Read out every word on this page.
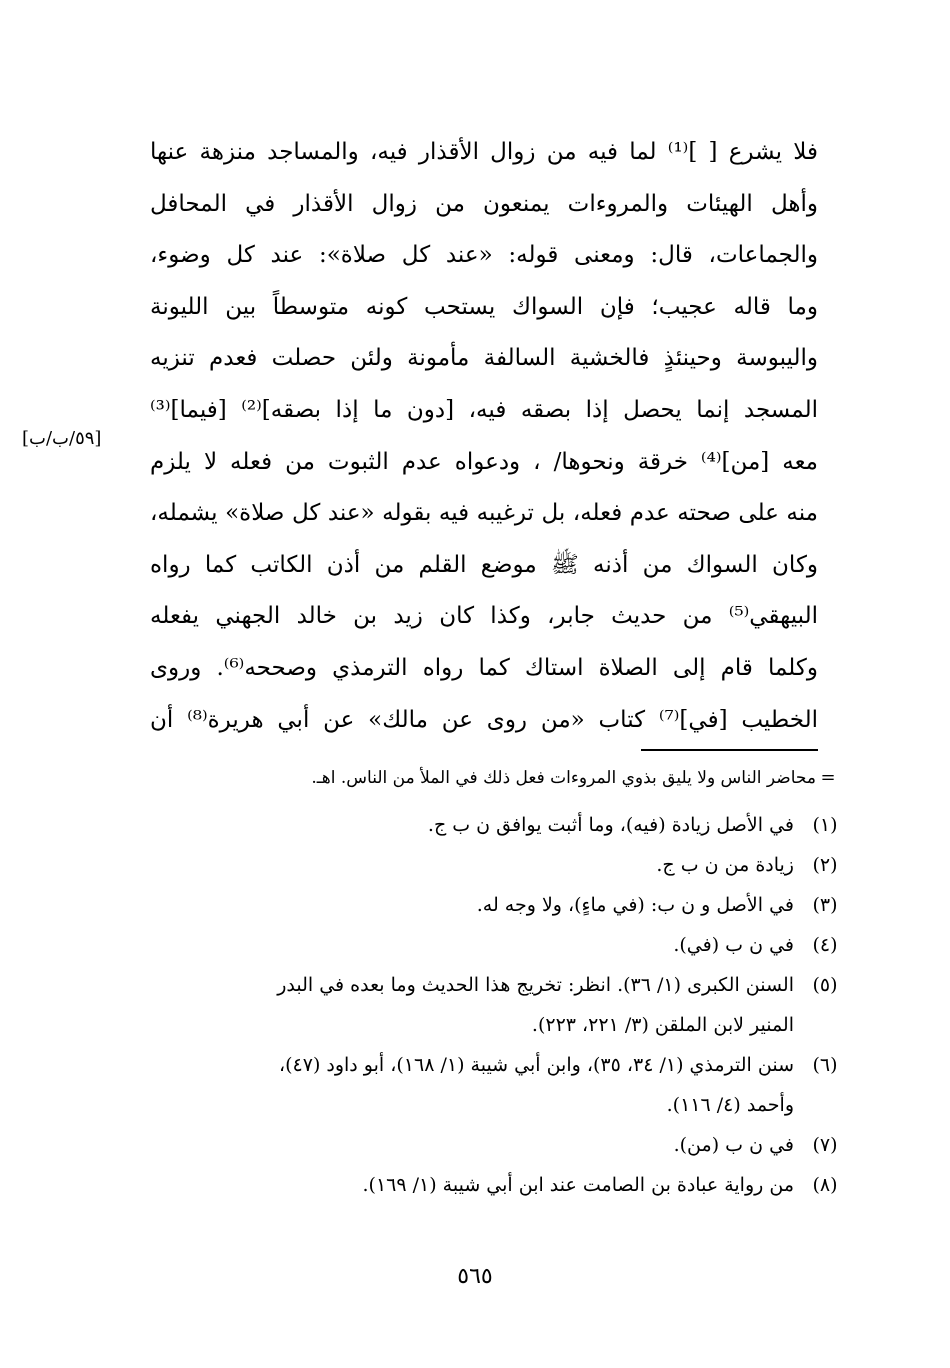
فلا يشرع [ ]⁽¹⁾ لما فيه من زوال الأقذار فيه، والمساجد منزهة عنها
وأهل الهيئات والمروءات يمنعون من زوال الأقذار في المحافل
والجماعات، قال: ومعنى قوله: «عند كل صلاة»: عند كل وضوء،
وما قاله عجيب؛ فإن السواك يستحب كونه متوسطاً بين الليونة
واليبوسة وحينئذٍ فالخشية السالفة مأمونة ولئن حصلت فعدم تنزيه
المسجد إنما يحصل إذا بصقه فيه، [دون ما إذا بصقه]⁽²⁾ [فيما]⁽³⁾
معه [من]⁽⁴⁾ خرقة ونحوها/ ، ودعواه عدم الثبوت من فعله لا يلزم
منه على صحته عدم فعله، بل ترغيبه فيه بقوله «عند كل صلاة» يشمله،
وكان السواك من أذنه ﷺ موضع القلم من أذن الكاتب كما رواه
البيهقي⁽⁵⁾ من حديث جابر، وكذا كان زيد بن خالد الجهني يفعله
وكلما قام إلى الصلاة استاك كما رواه الترمذي وصححه⁽⁶⁾. وروى
الخطيب [في]⁽⁷⁾ كتاب «من روى عن مالك» عن أبي هريرة⁽⁸⁾ أن
[٥٩/ب/ب]
=
محاضر الناس ولا يليق بذوي المروءات فعل ذلك في الملأ من الناس. اهـ.
(١)
في الأصل زيادة (فيه)، وما أثبت يوافق ن ب ج.
(٢)
زيادة من ن ب ج.
(٣)
في الأصل و ن ب: (في ماءٍ)، ولا وجه له.
(٤)
في ن ب (في).
(٥)
السنن الكبرى (١/ ٣٦). انظر: تخريج هذا الحديث وما بعده في البدر
المنير لابن الملقن (٣/ ٢٢١، ٢٢٣).
(٦)
سنن الترمذي (١/ ٣٤، ٣٥)، وابن أبي شيبة (١/ ١٦٨)، أبو داود (٤٧)،
وأحمد (٤/ ١١٦).
(٧)
في ن ب (من).
(٨)
من رواية عبادة بن الصامت عند ابن أبي شيبة (١/ ١٦٩).
٥٦٥
